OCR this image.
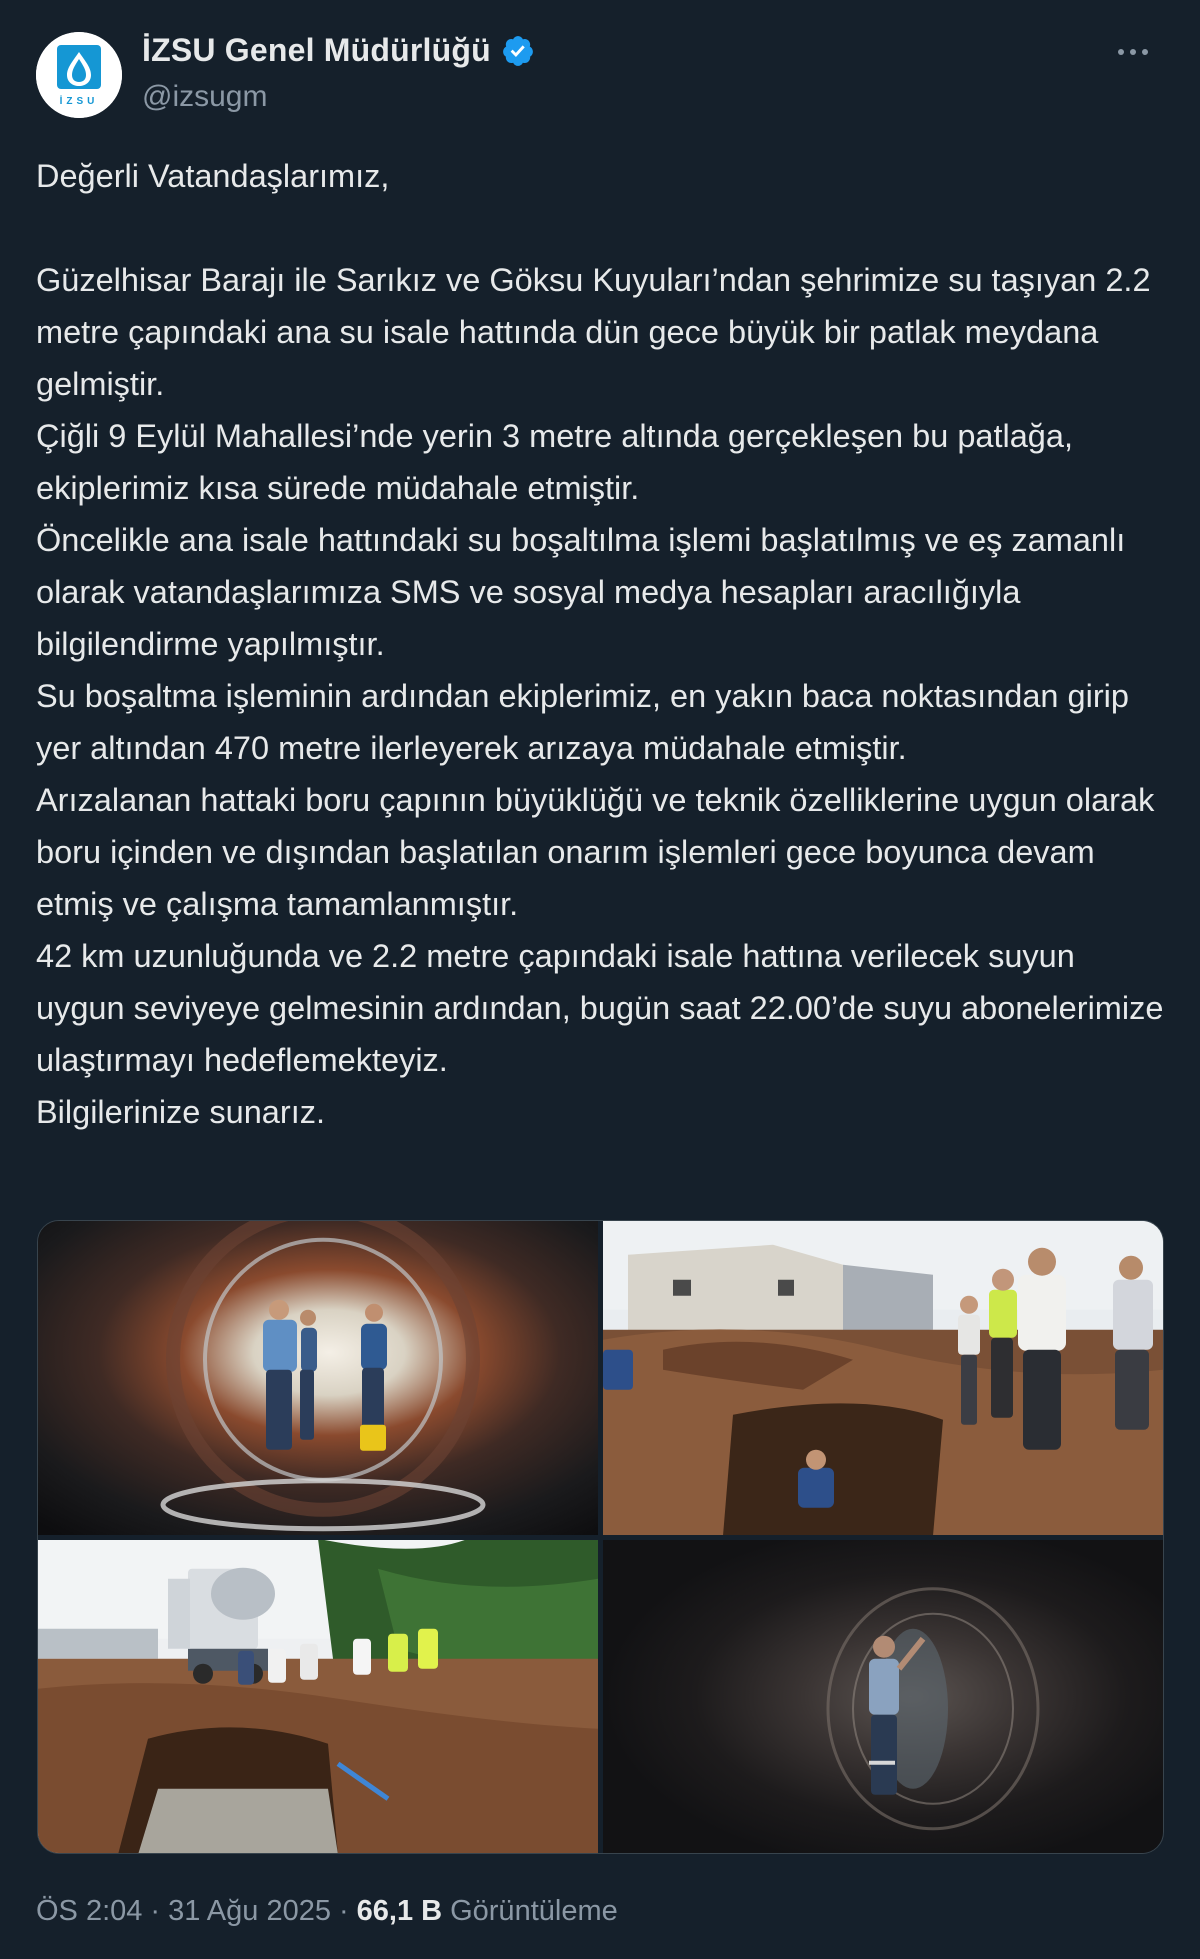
İZSU
İZSU Genel Müdürlüğü
@izsugm

Değerli Vatandaşlarımız,

Güzelhisar Barajı ile Sarıkız ve Göksu Kuyuları’ndan şehrimize su taşıyan 2.2 metre çapındaki ana su isale hattında dün gece büyük bir patlak meydana gelmiştir.

Çiğli 9 Eylül Mahallesi’nde yerin 3 metre altında gerçekleşen bu patlağa, ekiplerimiz kısa sürede müdahale etmiştir.

Öncelikle ana isale hattındaki su boşaltılma işlemi başlatılmış ve eş zamanlı olarak vatandaşlarımıza SMS ve sosyal medya hesapları aracılığıyla bilgilendirme yapılmıştır.

Su boşaltma işleminin ardından ekiplerimiz, en yakın baca noktasından girip yer altından 470 metre ilerleyerek arızaya müdahale etmiştir.

Arızalanan hattaki boru çapının büyüklüğü ve teknik özelliklerine uygun olarak boru içinden ve dışından başlatılan onarım işlemleri gece boyunca devam etmiş ve çalışma tamamlanmıştır.

42 km uzunluğunda ve 2.2 metre çapındaki isale hattına verilecek suyun uygun seviyeye gelmesinin ardından, bugün saat 22.00’de suyu abonelerimize ulaştırmayı hedeflemekteyiz.

Bilgilerinize sunarız.

ÖS 2:04 · 31 Ağu 2025 · 66,1 B Görüntüleme
